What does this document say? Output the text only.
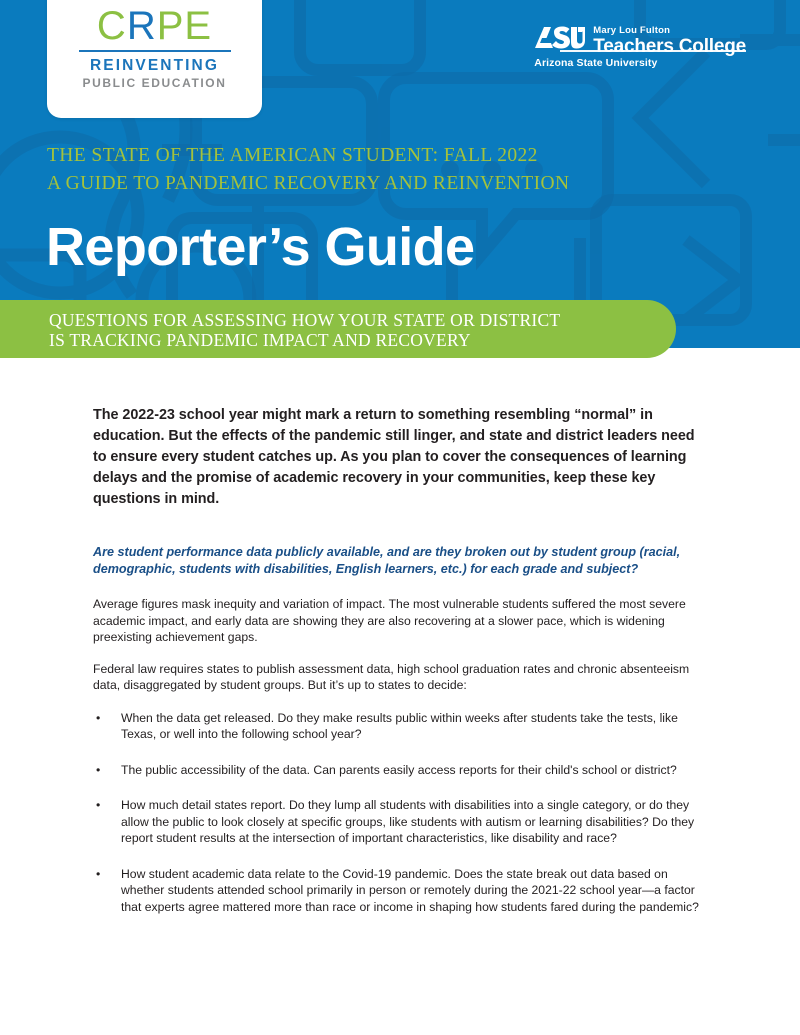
CRPE
REINVENTING
PUBLIC EDUCATION
Mary Lou Fulton
Teachers College
Arizona State University
THE STATE OF THE AMERICAN STUDENT: FALL 2022
A GUIDE TO PANDEMIC RECOVERY AND REINVENTION
Reporter’s Guide
QUESTIONS FOR ASSESSING HOW YOUR STATE OR DISTRICT
IS TRACKING PANDEMIC IMPACT AND RECOVERY

The 2022-23 school year might mark a return to something resembling “normal” in education. But the effects of the pandemic still linger, and state and district leaders need to ensure every student catches up. As you plan to cover the consequences of learning delays and the promise of academic recovery in your communities, keep these key questions in mind.

Are student performance data publicly available, and are they broken out by student group (racial, demographic, students with disabilities, English learners, etc.) for each grade and subject?

Average figures mask inequity and variation of impact. The most vulnerable students suffered the most severe academic impact, and early data are showing they are also recovering at a slower pace, which is widening preexisting achievement gaps.

Federal law requires states to publish assessment data, high school graduation rates and chronic absenteeism data, disaggregated by student groups. But it’s up to states to decide:

• When the data get released. Do they make results public within weeks after students take the tests, like Texas, or well into the following school year?
• The public accessibility of the data. Can parents easily access reports for their child's school or district?
• How much detail states report. Do they lump all students with disabilities into a single category, or do they allow the public to look closely at specific groups, like students with autism or learning disabilities? Do they report student results at the intersection of important characteristics, like disability and race?
• How student academic data relate to the Covid-19 pandemic. Does the state break out data based on whether students attended school primarily in person or remotely during the 2021-22 school year—a factor that experts agree mattered more than race or income in shaping how students fared during the pandemic?
